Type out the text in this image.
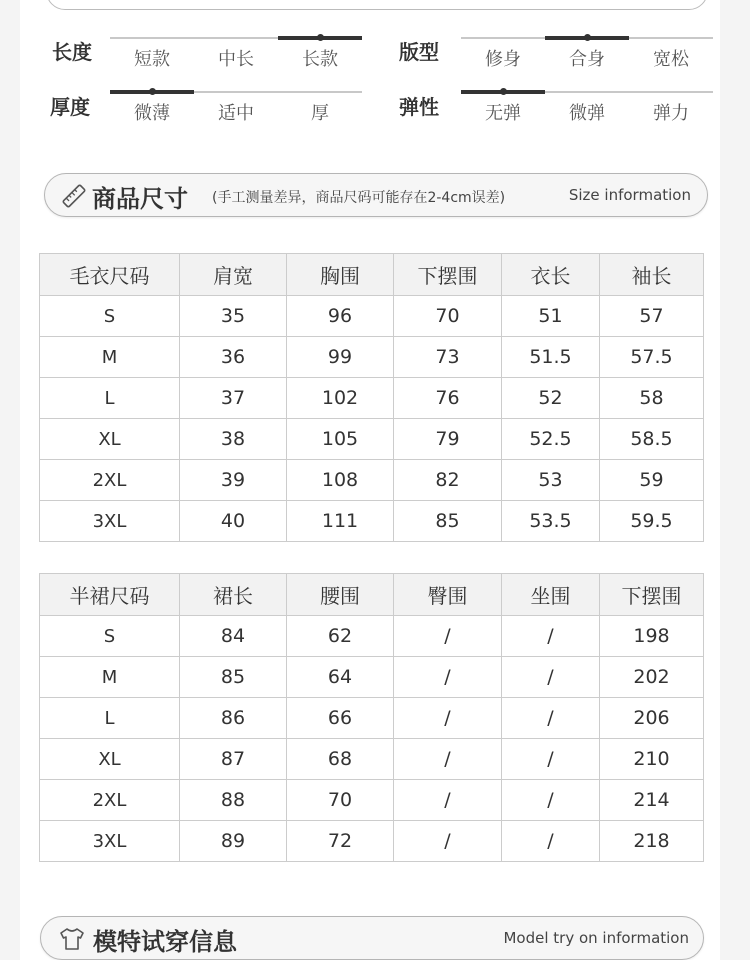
长度	短款	中长	长款
厚度	微薄	适中	厚
版型	修身	合身	宽松
弹性	无弹	微弹	弹力
商品尺寸 (手工测量差异，商品尺码可能存在2-4cm误差)	Size information
毛衣尺码	肩宽	胸围	下摆围	衣长	袖长
S	35	96	70	51	57
M	36	99	73	51.5	57.5
L	37	102	76	52	58
XL	38	105	79	52.5	58.5
2XL	39	108	82	53	59
3XL	40	111	85	53.5	59.5
半裙尺码	裙长	腰围	臀围	坐围	下摆围
S	84	62	/	/	198
M	85	64	/	/	202
L	86	66	/	/	206
XL	87	68	/	/	210
2XL	88	70	/	/	214
3XL	89	72	/	/	218
模特试穿信息	Model try on information
